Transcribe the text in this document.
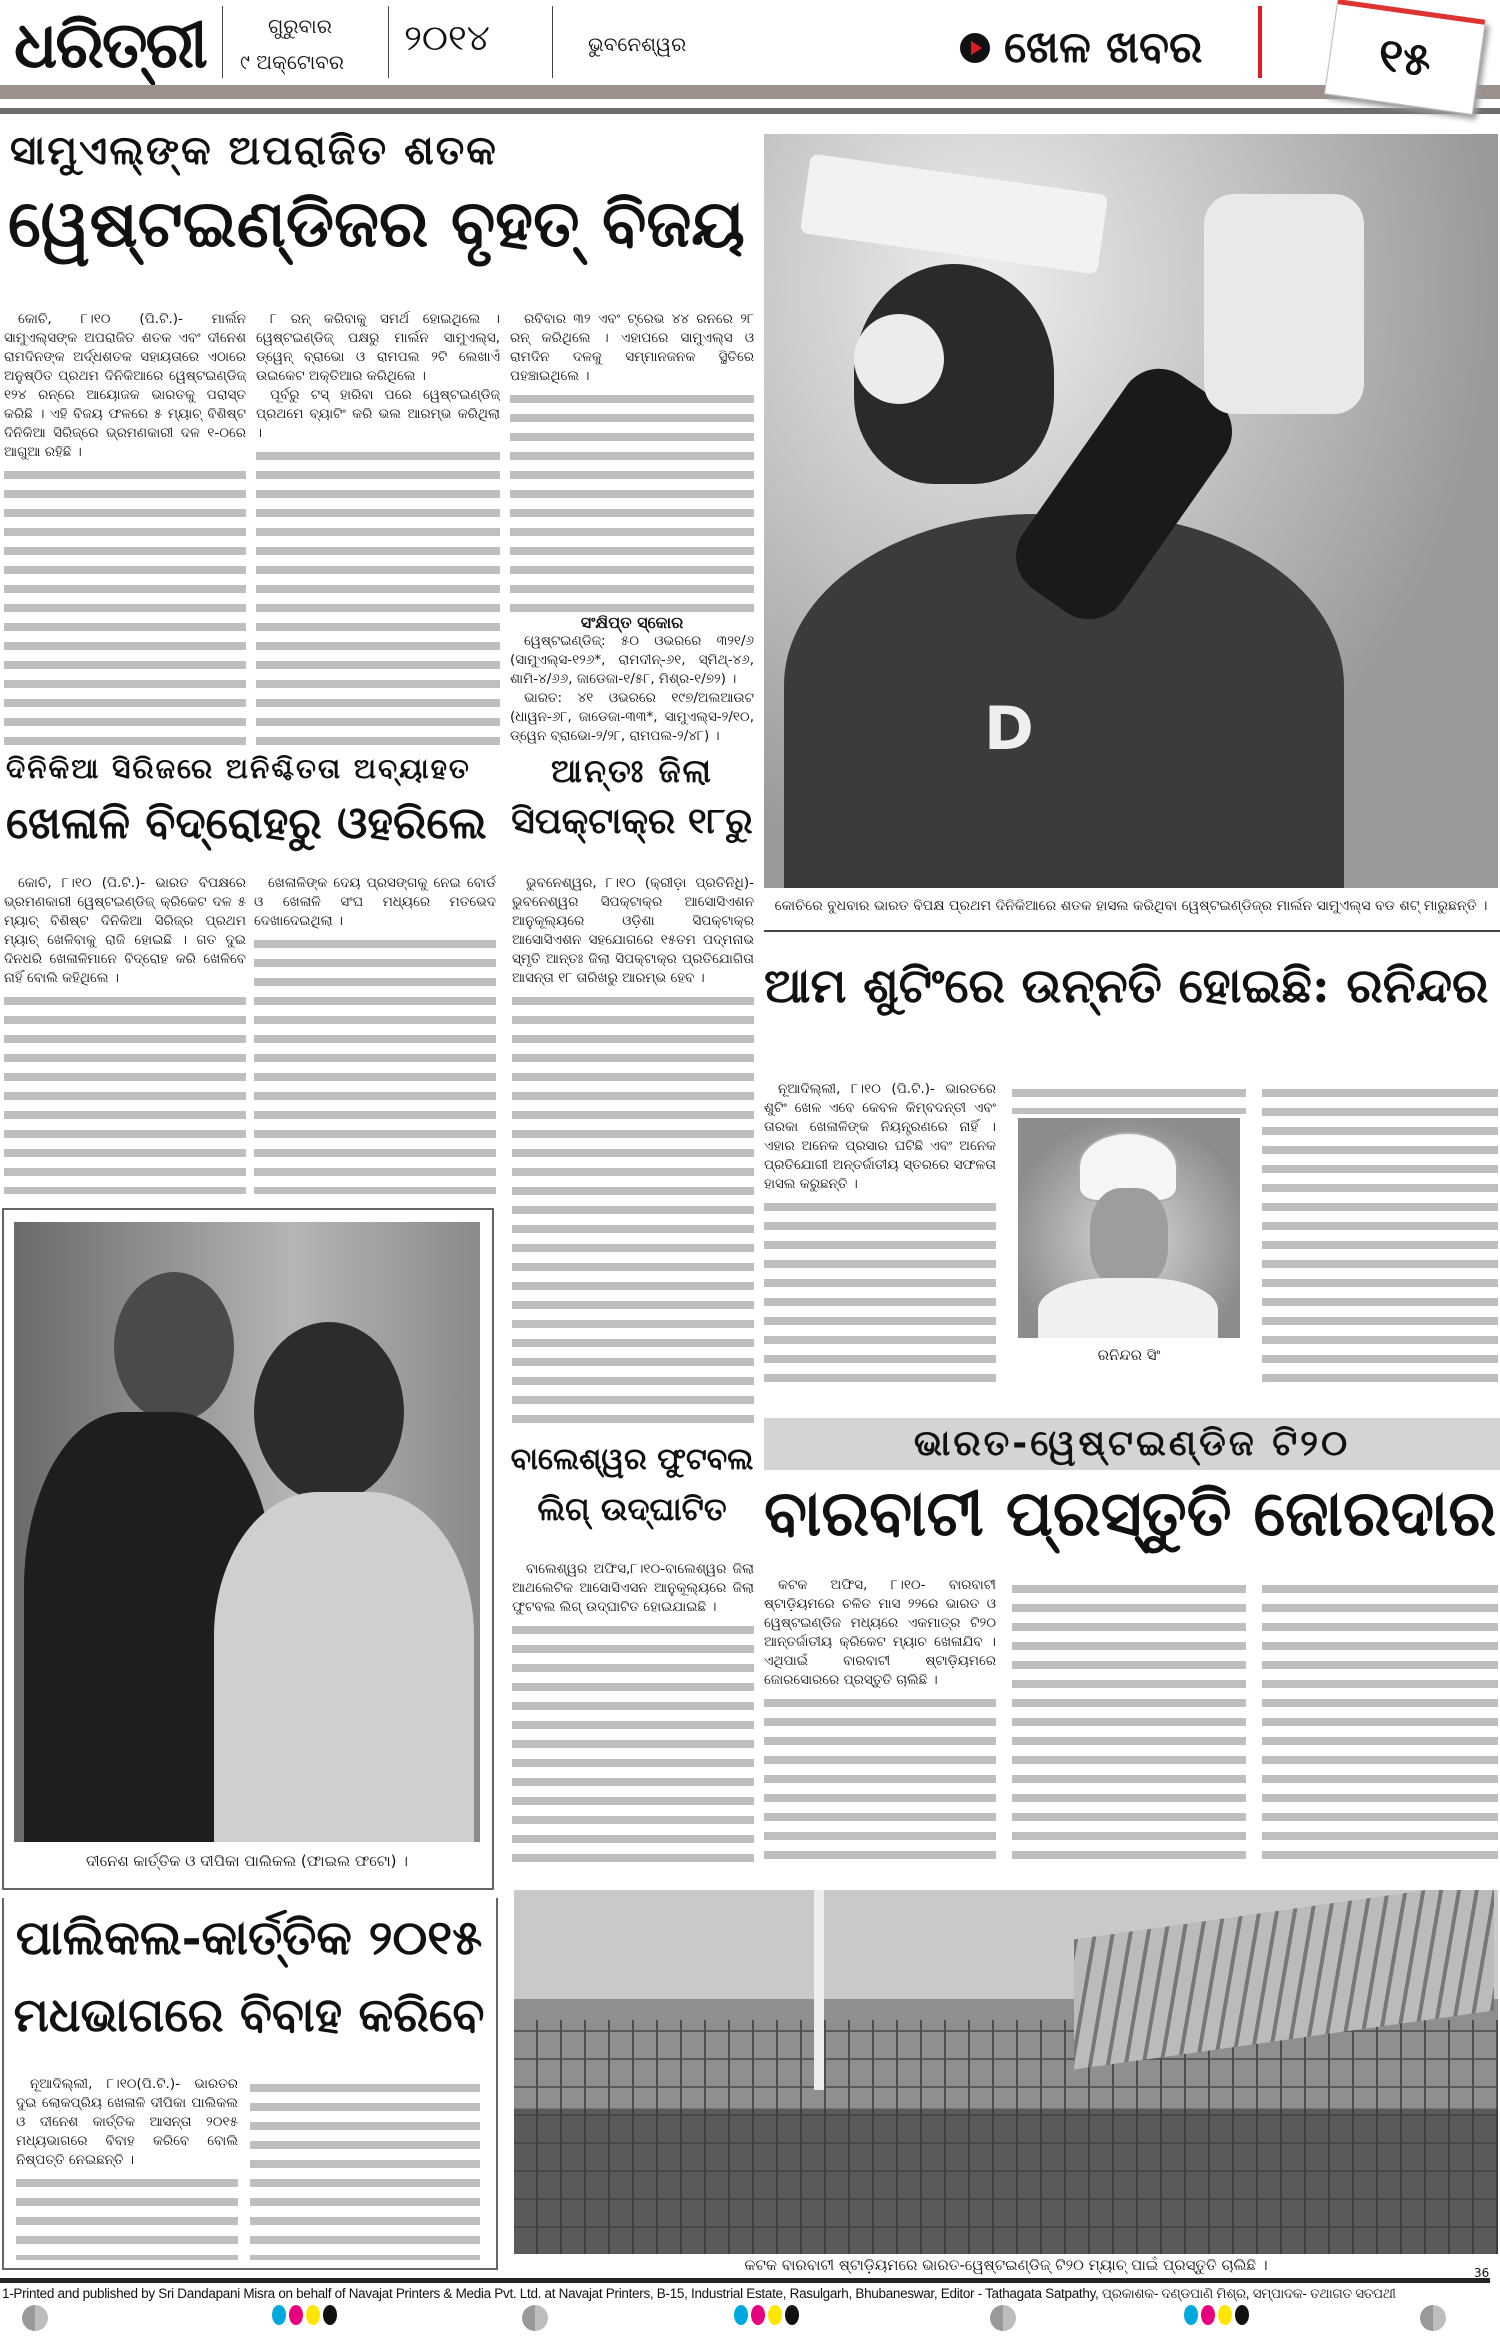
ଧରିତ୍ରୀ	ଗୁରୁବାର
୯ ଅକ୍ଟୋବର
୨୦୧୪	ଭୁବନେଶ୍ୱର	ଖେଳ ଖବର	୧୫
ସାମୁଏଲ୍‌ଙ୍କ ଅପରାଜିତ ଶତକ
ୱେଷ୍ଟଇଣ୍ଡିଜର ବୃହତ୍ ବିଜୟ

କୋଚି, ୮।୧୦ (ପି.ଟି.)- ମାର୍ଲନ ସାମୁଏଲ୍ସଙ୍କ ଅପରାଜିତ ଶତକ ଏବଂ ଦୀନେଶ ରାମଦିନଙ୍କ ଅର୍ଦ୍ଧଶତକ ସହାୟତାରେ ଏଠାରେ ଅନୁଷ୍ଠିତ ପ୍ରଥମ ଦିନିକିଆରେ ୱେଷ୍ଟଇଣ୍ଡିଜ୍ ୧୨୪ ରନ୍‌ରେ ଆୟୋଜକ ଭାରତକୁ ପରାସ୍ତ କରିଛି । ଏହି ବିଜୟ ଫଳରେ ୫ ମ୍ୟାଚ୍ ବିଶିଷ୍ଟ ଦିନିକିଆ ସିରିଜ୍‌ରେ ଭ୍ରମଣକାରୀ ଦଳ ୧-୦ରେ ଆଗୁଆ ରହିଛି ।

୮ ରନ୍ କରିବାକୁ ସମର୍ଥ ହୋଇଥିଲେ । ୱେଷ୍ଟଇଣ୍ଡିଜ୍ ପକ୍ଷରୁ ମାର୍ଲନ ସାମୁଏଲ୍ସ, ଡ୍ୱେନ୍ ବ୍ରାଭୋ ଓ ରାମପଲ ୨ଟି ଲେଖାଏଁ ଉଇକେଟ ଅକ୍ତିଆର କରିଥିଲେ ।

ପୂର୍ବରୁ ଟସ୍ ହାରିବା ପରେ ୱେଷ୍ଟଇଣ୍ଡିଜ୍ ପ୍ରଥମେ ବ୍ୟାଟିଂ କରି ଭଲ ଆରମ୍ଭ କରିଥିଲା ।

ରବିବାର ୩୨ ଏବଂ ଟ୍ରେଭ ୪୪ ରନରେ ୨୮ ରନ୍ କରିଥିଲେ । ଏହାପରେ ସାମୁଏଲ୍ସ ଓ ରାମଦିନ ଦଳକୁ ସମ୍ମାନଜନକ ସ୍ଥିତିରେ ପହଞ୍ଚାଇଥିଲେ ।

ସଂକ୍ଷିପ୍ତ ସ୍କୋର

ୱେଷ୍ଟଇଣ୍ଡିଜ୍: ୫୦ ଓଭରରେ ୩୨୧/୬ (ସାମୁଏଲ୍ସ-୧୨୬*, ରାମଦୀନ୍-୬୧, ସ୍ମିଥ୍-୪୬, ଶାମି-୪/୬୬, ଜାଡେଜା-୧/୫୮, ମିଶ୍ର-୧/୭୨) ।

ଭାରତ: ୪୧ ଓଭରରେ ୧୯୭/ଅଲଆଉଟ (ଧାୱନ-୬୮, ଜାଡେଜା-୩୩*, ସାମୁଏଲ୍ସ-୨/୧୦, ଡ୍ୱେନ ବ୍ରାଭୋ-୨/୨୮, ରାମପଲ-୨/୪୮) ।	D
କୋଚିରେ ବୁଧବାର ଭାରତ ବିପକ୍ଷ ପ୍ରଥମ ଦିନିକିଆରେ ଶତକ ହାସଲ କରିଥିବା ୱେଷ୍ଟଇଣ୍ଡିଜ୍‌ର ମାର୍ଲନ ସାମୁଏଲ୍ସ ବଡ ଶଟ୍ ମାରୁଛନ୍ତି ।
ଦିନିକିଆ ସିରିଜରେ ଅନିଶ୍ଚିତତା ଅବ୍ୟାହତ
ଖେଳାଳି ବିଦ୍ରୋହରୁ ଓହରିଲେ

କୋଚି, ୮।୧୦ (ପି.ଟି.)- ଭାରତ ବିପକ୍ଷରେ ଭ୍ରମଣକାରୀ ୱେଷ୍ଟଇଣ୍ଡିଜ୍ କ୍ରିକେଟ ଦଳ ୫ ମ୍ୟାଚ୍ ବିଶିଷ୍ଟ ଦିନିକିଆ ସିରିଜ୍‌ର ପ୍ରଥମ ମ୍ୟାଚ୍ ଖେଳିବାକୁ ରାଜି ହୋଇଛି । ଗତ ଦୁଇ ଦିନଧରି ଖେଳାଳିମାନେ ବିଦ୍ରୋହ କରି ଖେଳିବେ ନାହିଁ ବୋଲି କହିଥିଲେ ।

ଖେଳାଳିଙ୍କ ଦେୟ ପ୍ରସଙ୍ଗକୁ ନେଇ ବୋର୍ଡ ଓ ଖେଳାଳି ସଂଘ ମଧ୍ୟରେ ମତଭେଦ ଦେଖାଦେଇଥିଲା ।

ଆନ୍ତଃ ଜିଲା
ସିପକ୍‌ଟାକ୍ର ୧୮ରୁ

ଭୁବନେଶ୍ୱର, ୮।୧୦ (କ୍ରୀଡ଼ା ପ୍ରତିନିଧି)- ଭୁବନେଶ୍ୱର ସିପକ୍‌ଟାକ୍ର ଆସୋସିଏଶନ ଆନୁକୂଲ୍ୟରେ ଓଡ଼ିଶା ସିପକ୍‌ଟାକ୍ର ଆସୋସିଏଶନ ସହଯୋଗରେ ୧୫ତମ ପଦ୍ମନାଭ ସ୍ମୃତି ଆନ୍ତଃ ଜିଲା ସିପକ୍‌ଟାକ୍ର ପ୍ରତିଯୋଗିତା ଆସନ୍ତା ୧୮ ତାରିଖରୁ ଆରମ୍ଭ ହେବ ।

ବାଲେଶ୍ୱର ଫୁଟବଲ
ଲିଗ୍ ଉଦ୍‌ଘାଟିତ

ବାଲେଶ୍ୱର ଅଫିସ,୮।୧୦-ବାଲେଶ୍ୱର ଜିଲା ଆଥଲେଟିକ ଆସୋସିଏସନ ଆନୁକୂଲ୍ୟରେ ଜିଲା ଫୁଟବଲ ଲିଗ୍ ଉଦ୍‌ଘାଟିତ ହୋଇଯାଇଛି ।

ଦୀନେଶ କାର୍ତ୍ତିକ ଓ ଦୀପିକା ପାଲିକଲ (ଫାଇଲ ଫଟୋ) ।
ପାଲିକଲ-କାର୍ତ୍ତିକ ୨୦୧୫
ମଧଭାଗରେ ବିବାହ କରିବେ

ନୂଆଦିଲ୍ଲୀ, ୮।୧୦(ପି.ଟି.)- ଭାରତର ଦୁଇ ଲୋକପ୍ରିୟ ଖେଳାଳି ଦୀପିକା ପାଲିକଲ ଓ ଦୀନେଶ କାର୍ତ୍ତିକ ଆସନ୍ତା ୨୦୧୫ ମଧ୍ୟଭାଗରେ ବିବାହ କରିବେ ବୋଲି ନିଷ୍ପତ୍ତି ନେଇଛନ୍ତି ।

ଆମ ଶୁଟିଂରେ ଉନ୍ନତି ହୋଇଛି: ରନିନ୍ଦର

ନୂଆଦିଲ୍ଲୀ, ୮।୧୦ (ପି.ଟି.)- ଭାରତରେ ଶୁଟିଂ ଖେଳ ଏବେ କେବଳ କିମ୍ବଦନ୍ତୀ ଏବଂ ତାରକା ଖେଳାଳିଙ୍କ ନିୟନ୍ତ୍ରଣରେ ନାହିଁ । ଏହାର ଅନେକ ପ୍ରସାର ଘଟିଛି ଏବଂ ଅନେକ ପ୍ରତିଯୋଗୀ ଅନ୍ତର୍ଜାତୀୟ ସ୍ତରରେ ସଫଳତା ହାସଲ କରୁଛନ୍ତି ।

ରନିନ୍ଦର ସିଂ
ଭାରତ-ୱେଷ୍ଟଇଣ୍ଡିଜ ଟି୨୦
ବାରବାଟୀ ପ୍ରସ୍ତୁତି ଜୋରଦାର

କଟକ ଅଫିସ, ୮।୧୦- ବାରବାଟୀ ଷ୍ଟାଡ଼ିୟମରେ ଚଳିତ ମାସ ୨୨ରେ ଭାରତ ଓ ୱେଷ୍ଟଇଣ୍ଡିଜ ମଧ୍ୟରେ ଏକମାତ୍ର ଟି୨୦ ଆନ୍ତର୍ଜାତୀୟ କ୍ରିକେଟ ମ୍ୟାଚ ଖେଳାଯିବ । ଏଥିପାଇଁ ବାରବାଟୀ ଷ୍ଟାଡ଼ିୟମରେ ଜୋରସୋରରେ ପ୍ରସ୍ତୁତି ଚାଲିଛି ।

କଟକ ବାରବାଟୀ ଷ୍ଟାଡ଼ିୟମରେ ଭାରତ-ୱେଷ୍ଟଇଣ୍ଡିଜ୍ ଟି୨୦ ମ୍ୟାଚ୍ ପାଇଁ ପ୍ରସ୍ତୁତି ଚାଲିଛି ।	36
1-Printed and published by Sri Dandapani Misra on behalf of Navajat Printers & Media Pvt. Ltd. at Navajat Printers, B-15, Industrial Estate, Rasulgarh, Bhubaneswar, Editor - Tathagata Satpathy, ପ୍ରକାଶକ- ଦଣ୍ଡପାଣି ମିଶ୍ର, ସମ୍ପାଦକ- ତଥାଗତ ସତପଥୀ
